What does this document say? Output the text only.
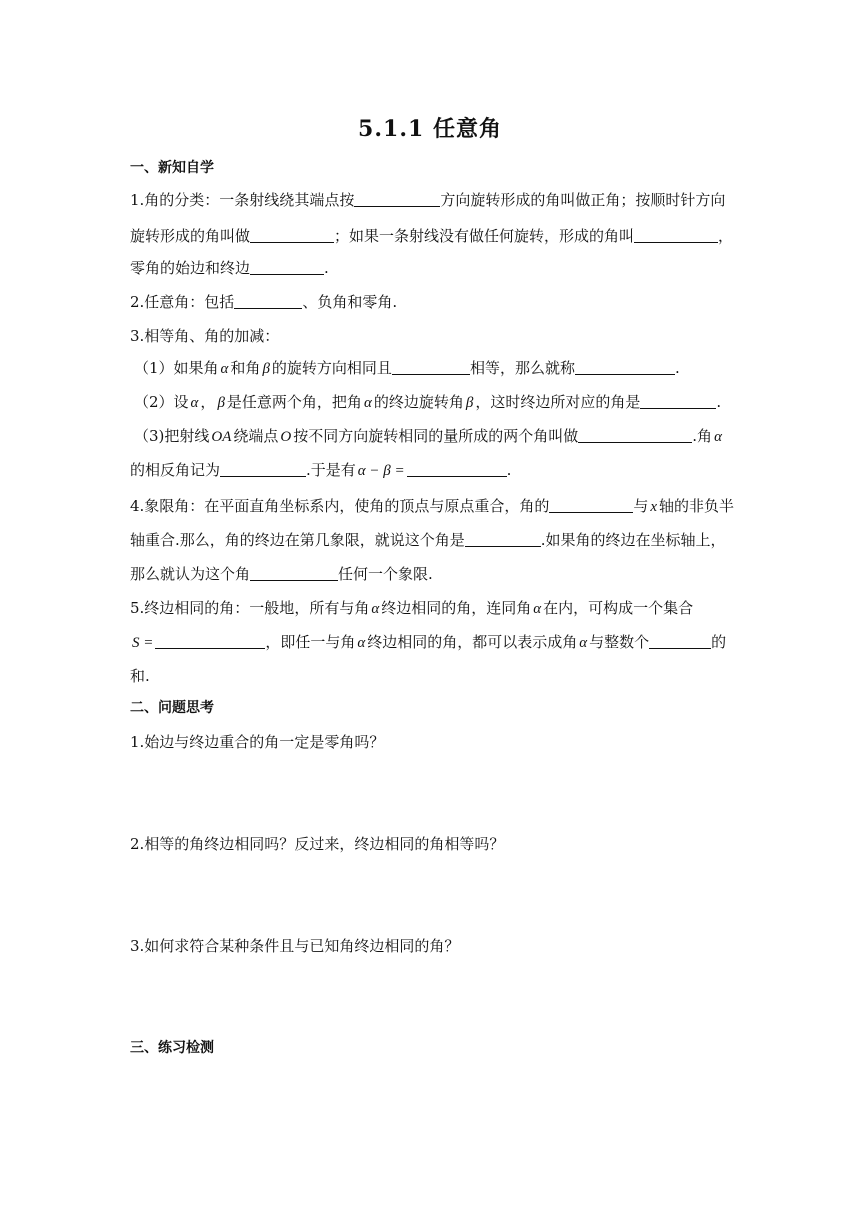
5.1.1 任意角
一、新知自学
1.角的分类：一条射线绕其端点按	方向旋转形成的角叫做正角；按顺时针方向
旋转形成的角叫做	；如果一条射线没有做任何旋转，形成的角叫	，
零角的始边和终边	.
2.任意角：包括	、负角和零角.
3.相等角、角的加减：
（1）如果角 α 和角 β 的旋转方向相同且	相等，那么就称	.
（2）设 α ， β 是任意两个角，把角 α 的终边旋转角 β ，这时终边所对应的角是	.
（3)把射线 OA 绕端点 O 按不同方向旋转相同的量所成的两个角叫做	.角 α
的相反角记为	.于是有 α − β =	.
4.象限角：在平面直角坐标系内，使角的顶点与原点重合，角的	与 x 轴的非负半
轴重合.那么，角的终边在第几象限，就说这个角是	.如果角的终边在坐标轴上，
那么就认为这个角	任何一个象限.
5.终边相同的角：一般地，所有与角 α 终边相同的角，连同角 α 在内，可构成一个集合
S =	，即任一与角 α 终边相同的角，都可以表示成角 α 与整数个	的
和.
二、问题思考
1.始边与终边重合的角一定是零角吗？
2.相等的角终边相同吗？反过来，终边相同的角相等吗？
3.如何求符合某种条件且与已知角终边相同的角？
三、练习检测
